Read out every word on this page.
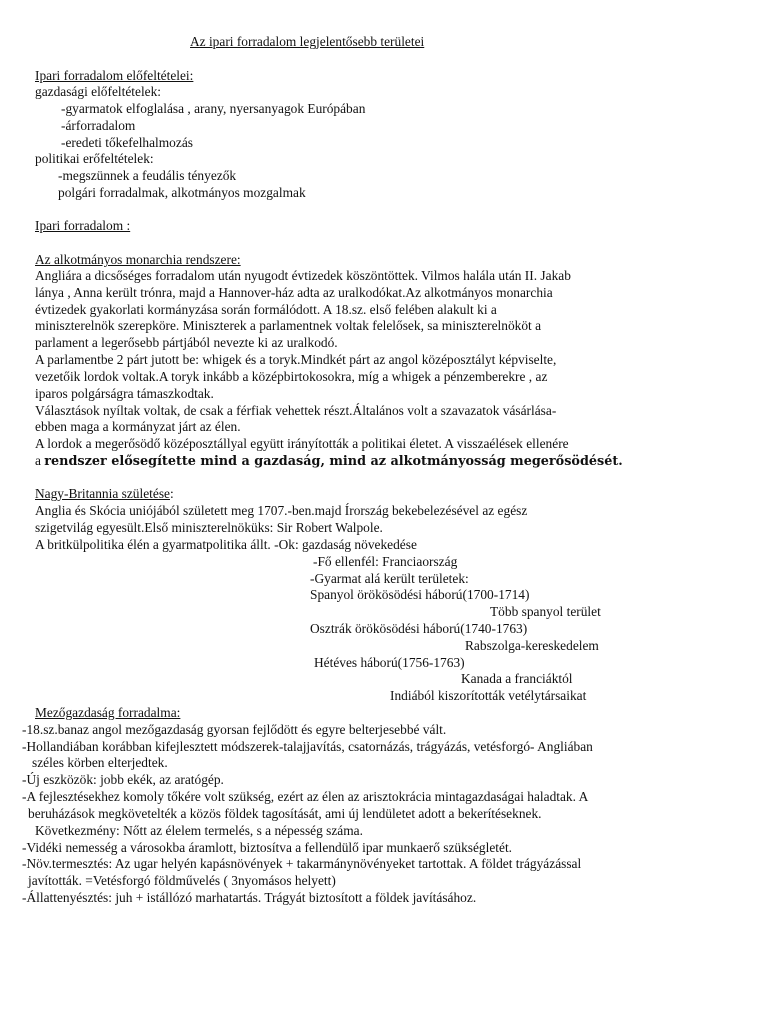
Az ipari forradalom legjelentősebb területei
Ipari forradalom előfeltételei:
gazdasági előfeltételek:
-gyarmatok elfoglalása , arany, nyersanyagok Európában
-árforradalom
-eredeti tőkefelhalmozás
politikai erőfeltételek:
-megszünnek a feudális tényezők
polgári forradalmak, alkotmányos mozgalmak
Ipari forradalom :
Az alkotmányos monarchia rendszere:
Angliára a dicsőséges forradalom után nyugodt évtizedek köszöntöttek. Vilmos halála után II. Jakab
lánya , Anna került trónra, majd a Hannover-ház adta az uralkodókat.Az alkotmányos monarchia
évtizedek gyakorlati kormányzása során formálódott. A 18.sz. első felében alakult ki a
miniszterelnök szerepköre. Miniszterek a parlamentnek voltak felelősek, sa miniszterelnököt a
parlament a legerősebb pártjából nevezte ki az uralkodó.
A parlamentbe 2 párt jutott be: whigek és a toryk.Mindkét párt az angol középosztályt képviselte,
vezetőik lordok voltak.A toryk inkább a középbirtokosokra, míg a whigek a pénzemberekre , az
iparos polgárságra támaszkodtak.
Választások nyíltak voltak, de csak a férfiak vehettek részt.Általános volt a szavazatok vásárlása-
ebben maga a kormányzat járt az élen.
A lordok a megerősödő középosztállyal együtt irányították a politikai életet. A visszaélések ellenére
a rendszer elősegítette mind a gazdaság, mind az alkotmányosság megerősödését.
Nagy-Britannia születése:
Anglia és Skócia uniójából született meg 1707.-ben.majd Írország bekebelezésével az egész
szigetvilág egyesült.Első miniszterelnöküks: Sir Robert Walpole.
A britkülpolitika élén a gyarmatpolitika állt. -Ok: gazdaság növekedése
-Fő ellenfél: Franciaország
-Gyarmat alá került területek:
Spanyol örökösödési háború(1700-1714)
Több spanyol terület
Osztrák örökösödési háború(1740-1763)
Rabszolga-kereskedelem
Hétéves háború(1756-1763)
Kanada a franciáktól
Indiából kiszorították vetélytársaikat
Mezőgazdaság forradalma:
-18.sz.banaz angol mezőgazdaság gyorsan fejlődött és egyre belterjesebbé vált.
-Hollandiában korábban kifejlesztett módszerek-talajjavítás, csatornázás, trágyázás, vetésforgó- Angliában
széles körben elterjedtek.
-Új eszközök: jobb ekék, az aratógép.
-A fejlesztésekhez komoly tőkére volt szükség, ezért az élen az arisztokrácia mintagazdaságai haladtak. A
beruházások megkövetelték a közös földek tagosítását, ami új lendületet adott a bekerítéseknek.
Következmény: Nőtt az élelem termelés, s a népesség száma.
-Vidéki nemesség a városokba áramlott, biztosítva a fellendülő ipar munkaerő szükségletét.
-Növ.termesztés: Az ugar helyén kapásnövények + takarmánynövényeket tartottak. A földet trágyázással
javították. =Vetésforgó földművelés ( 3nyomásos helyett)
-Állattenyésztés: juh + istállózó marhatartás. Trágyát biztosított a földek javításához.
